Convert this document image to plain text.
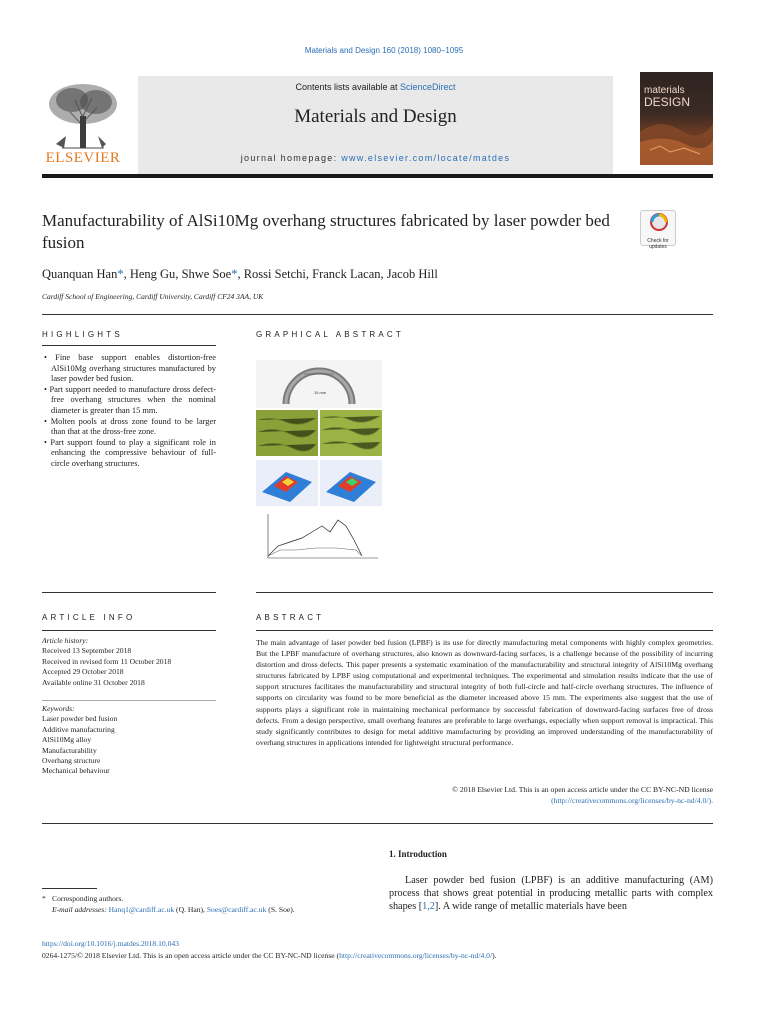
Materials and Design 160 (2018) 1080–1095
ELSEVIER
Contents lists available at ScienceDirect
Materials and Design
journal homepage: www.elsevier.com/locate/matdes
materials
DESIGN
Manufacturability of AlSi10Mg overhang structures fabricated by laser powder bed fusion	Check for
updates
Quanquan Han*, Heng Gu, Shwe Soe*, Rossi Setchi, Franck Lacan, Jacob Hill
Cardiff School of Engineering, Cardiff University, Cardiff CF24 3AA, UK
HIGHLIGHTS	GRAPHICAL ABSTRACT
• Fine base support enables distortion-free AlSi10Mg overhang structures manufactured by laser powder bed fusion.
• Part support needed to manufacture dross defect-free overhang structures when the nominal diameter is greater than 15 mm.
• Molten pools at dross zone found to be larger than that at the dross-free zone.
• Part support found to play a significant role in enhancing the compressive behaviour of full-circle overhang structures.
15 mm
ARTICLE INFO	ABSTRACT
Article history:
Received 13 September 2018
Received in revised form 11 October 2018
Accepted 29 October 2018
Available online 31 October 2018
Keywords:
Laser powder bed fusion
Additive manufacturing
AlSi10Mg alloy
Manufacturability
Overhang structure
Mechanical behaviour
The main advantage of laser powder bed fusion (LPBF) is its use for directly manufacturing metal components with highly complex geometries. But the LPBF manufacture of overhang structures, also known as downward-facing surfaces, is a challenge because of the possibility of incurring distortion and dross defects. This paper presents a systematic examination of the manufacturability and structural integrity of AlSi10Mg overhang structures fabricated by LPBF using computational and experimental techniques. The experimental and simulation results indicate that the use of support structures facilitates the manufacturability and structural integrity of both full-circle and half-circle overhang structures. The influence of supports on circularity was found to be more beneficial as the diameter increased above 15 mm. The experiments also suggest that the use of supports plays a significant role in maintaining mechanical performance by successful fabrication of downward-facing surfaces free of dross defects. From a design perspective, small overhang features are preferable to large overhangs, especially when support removal is impractical. This study significantly contributes to design for metal additive manufacturing by providing an improved understanding of the manufacturability of overhang structures in applications intended for lightweight structural performance.
© 2018 Elsevier Ltd. This is an open access article under the CC BY-NC-ND license
(http://creativecommons.org/licenses/by-nc-nd/4.0/).
1. Introduction
Laser powder bed fusion (LPBF) is an additive manufacturing (AM) process that shows great potential in producing metallic parts with complex shapes [1,2]. A wide range of metallic materials have been
* Corresponding authors.
E-mail addresses: Hanq1@cardiff.ac.uk (Q. Han), Soes@cardiff.ac.uk (S. Soe).
https://doi.org/10.1016/j.matdes.2018.10.043
0264-1275/© 2018 Elsevier Ltd. This is an open access article under the CC BY-NC-ND license (http://creativecommons.org/licenses/by-nc-nd/4.0/).
